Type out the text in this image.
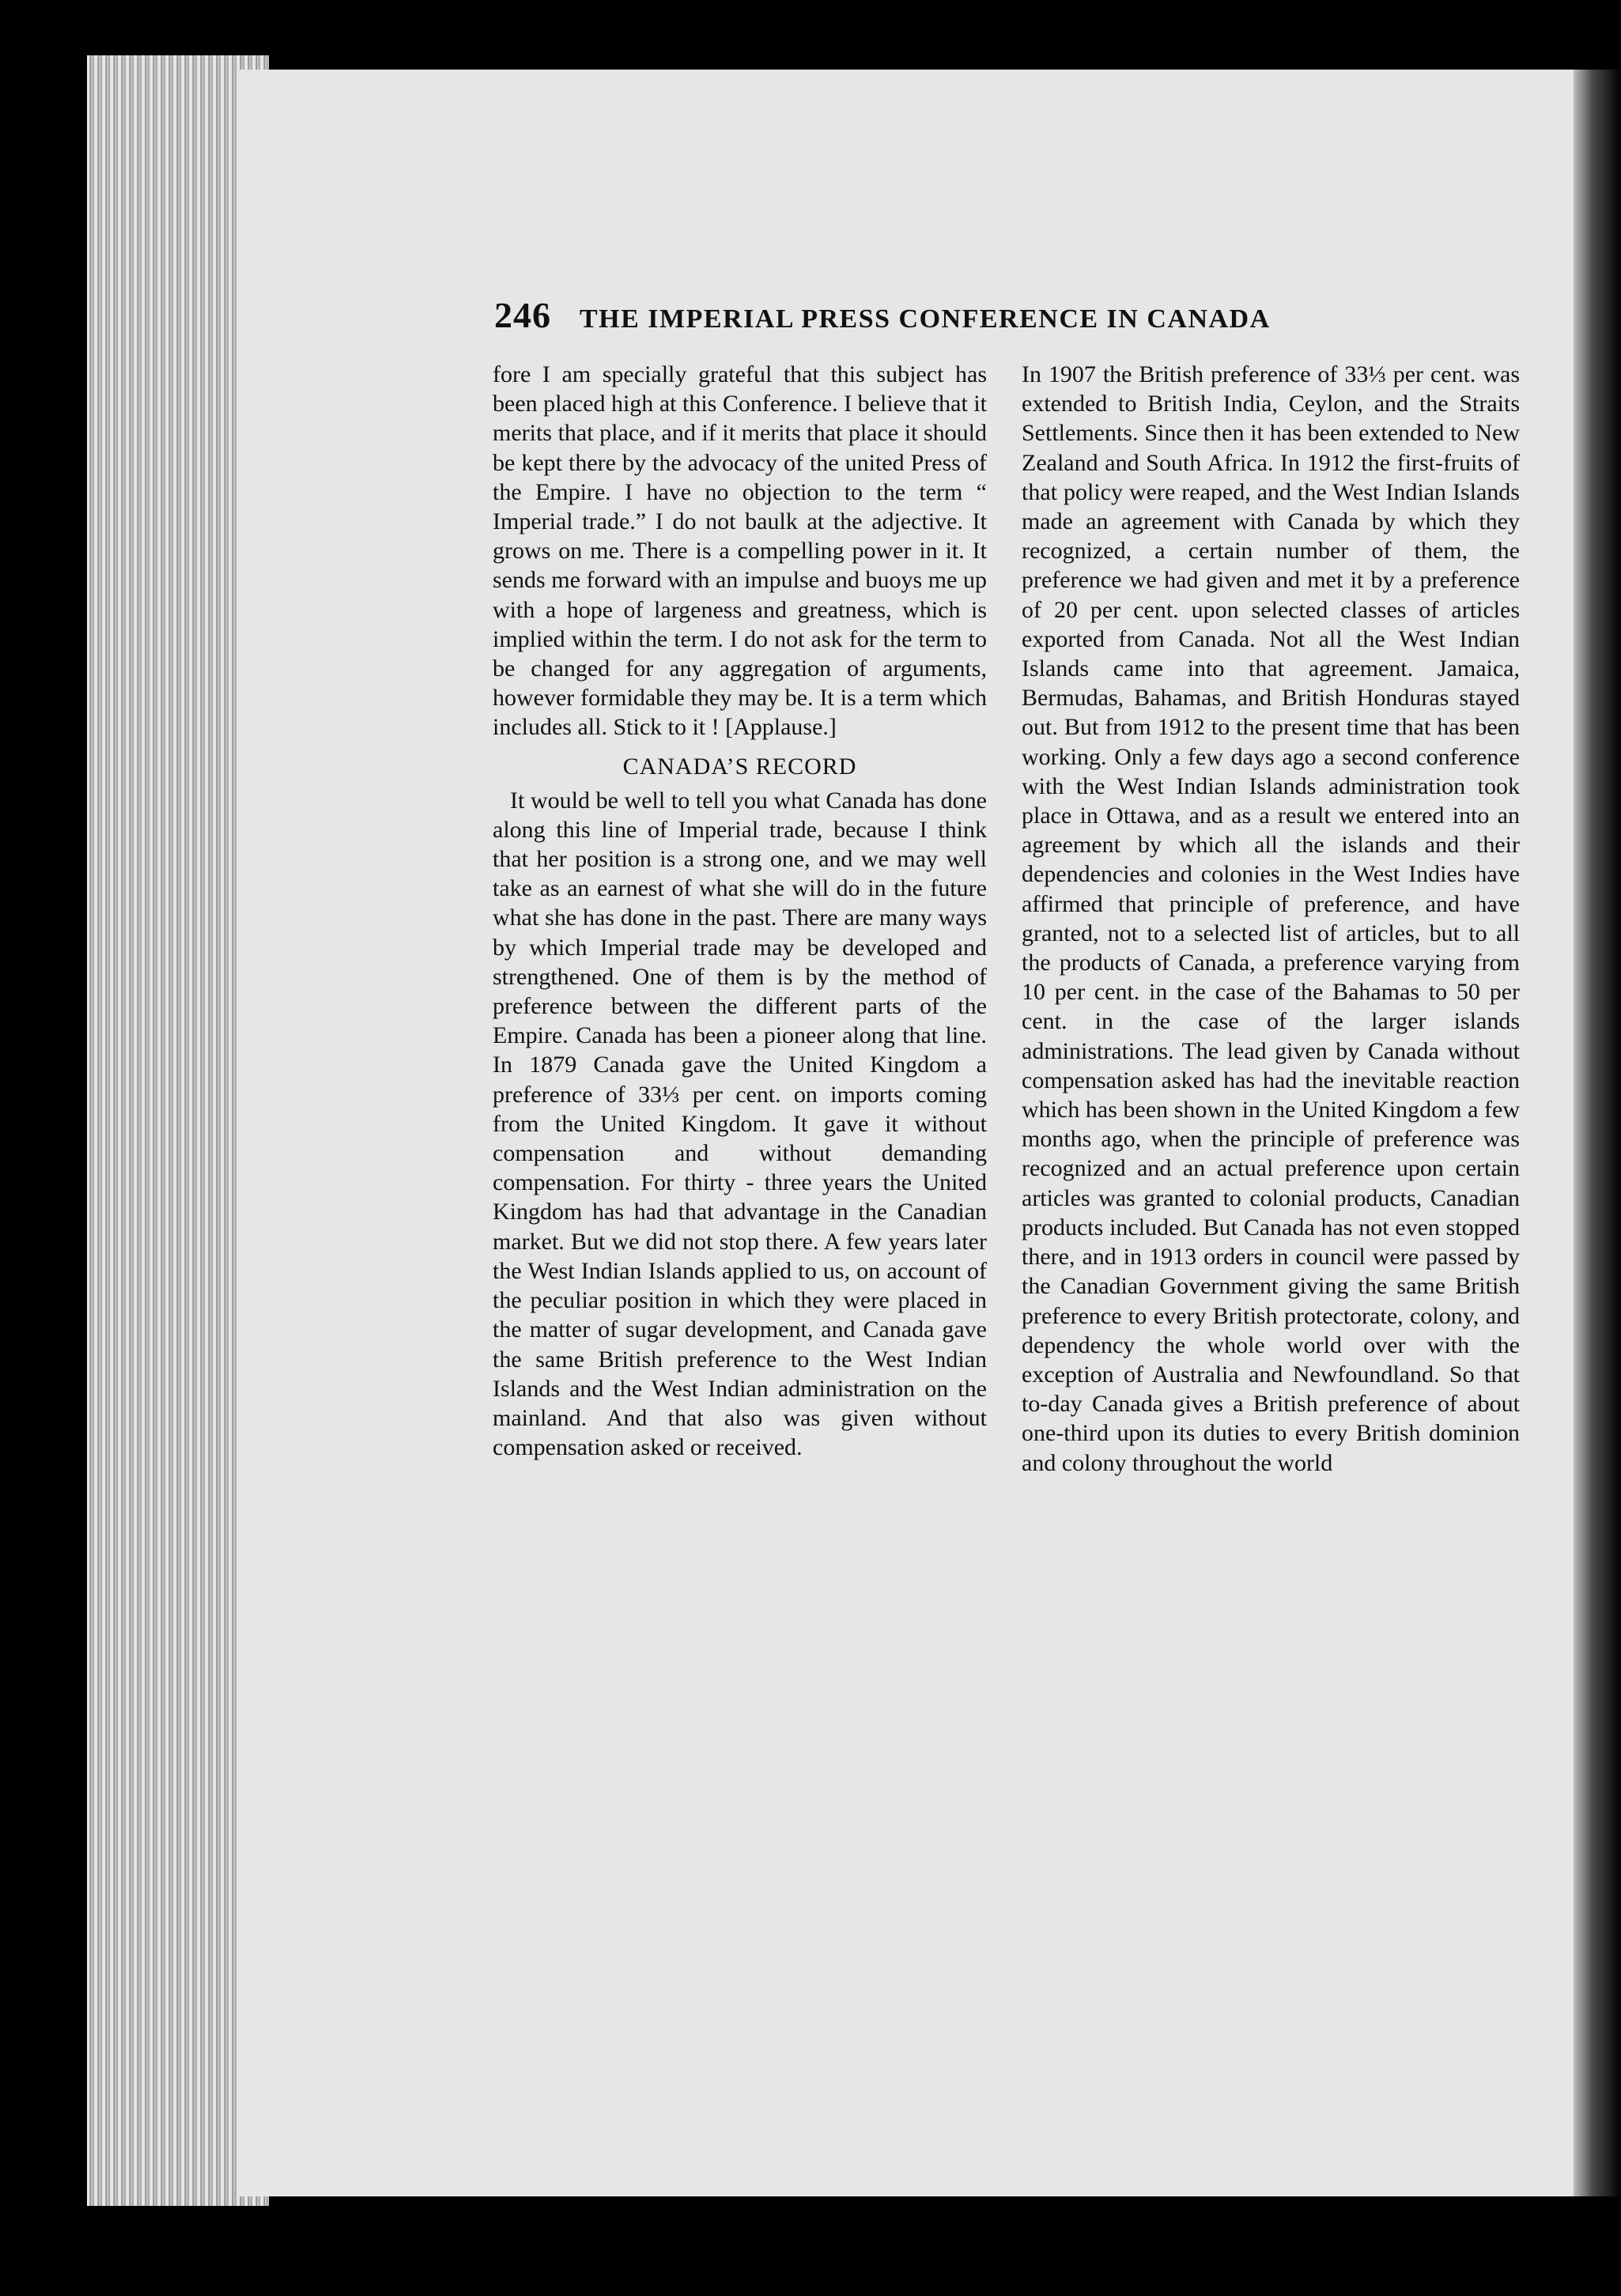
246 THE IMPERIAL PRESS CONFERENCE IN CANADA

fore I am specially grateful that this subject has been placed high at this Conference. I believe that it merits that place, and if it merits that place it should be kept there by the advocacy of the united Press of the Empire. I have no objection to the term “ Imperial trade.” I do not baulk at the adjective. It grows on me. There is a compelling power in it. It sends me forward with an impulse and buoys me up with a hope of largeness and greatness, which is implied within the term. I do not ask for the term to be changed for any aggregation of arguments, however formidable they may be. It is a term which includes all. Stick to it ! [Applause.]

CANADA’S RECORD

It would be well to tell you what Canada has done along this line of Imperial trade, because I think that her position is a strong one, and we may well take as an earnest of what she will do in the future what she has done in the past. There are many ways by which Imperial trade may be developed and strengthened. One of them is by the method of preference between the different parts of the Empire. Canada has been a pioneer along that line. In 1879 Canada gave the United Kingdom a preference of 33⅓ per cent. on imports coming from the United Kingdom. It gave it without compensation and without demanding compensation. For thirty - three years the United Kingdom has had that advantage in the Canadian market. But we did not stop there. A few years later the West Indian Islands applied to us, on account of the peculiar position in which they were placed in the matter of sugar development, and Canada gave the same British preference to the West Indian Islands and the West Indian administration on the mainland. And that also was given without compensation asked or received.

In 1907 the British preference of 33⅓ per cent. was extended to British India, Ceylon, and the Straits Settlements. Since then it has been extended to New Zealand and South Africa. In 1912 the first-fruits of that policy were reaped, and the West Indian Islands made an agreement with Canada by which they recognized, a certain number of them, the preference we had given and met it by a preference of 20 per cent. upon selected classes of articles exported from Canada. Not all the West Indian Islands came into that agreement. Jamaica, Bermudas, Bahamas, and British Honduras stayed out. But from 1912 to the present time that has been working. Only a few days ago a second conference with the West Indian Islands administration took place in Ottawa, and as a result we entered into an agreement by which all the islands and their dependencies and colonies in the West Indies have affirmed that principle of preference, and have granted, not to a selected list of articles, but to all the products of Canada, a preference varying from 10 per cent. in the case of the Bahamas to 50 per cent. in the case of the larger islands administrations. The lead given by Canada without compensation asked has had the inevitable reaction which has been shown in the United Kingdom a few months ago, when the principle of preference was recognized and an actual preference upon certain articles was granted to colonial products, Canadian products included. But Canada has not even stopped there, and in 1913 orders in council were passed by the Canadian Government giving the same British preference to every British protectorate, colony, and dependency the whole world over with the exception of Australia and Newfoundland. So that to-day Canada gives a British preference of about one-third upon its duties to every British dominion and colony throughout the world
